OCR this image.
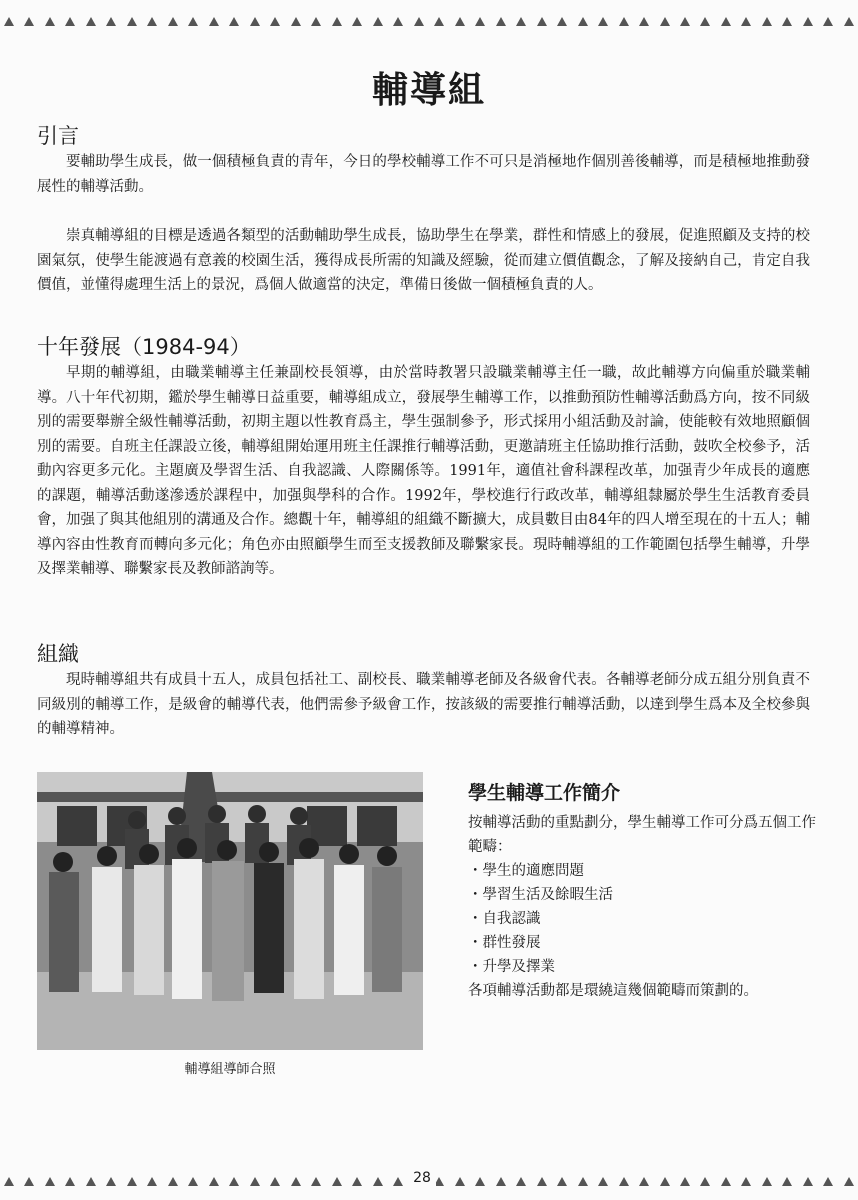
輔導組
引言

要輔助學生成長，做一個積極負責的青年，今日的學校輔導工作不可只是消極地作個別善後輔導，而是積極地推動發展性的輔導活動。

崇真輔導組的目標是透過各類型的活動輔助學生成長，協助學生在學業，群性和情感上的發展，促進照顧及支持的校園氣氛，使學生能渡過有意義的校園生活，獲得成長所需的知識及經驗，從而建立價值觀念，了解及接納自己，肯定自我價值，並懂得處理生活上的景況，爲個人做適當的決定，準備日後做一個積極負責的人。

十年發展（1984-94）

早期的輔導組，由職業輔導主任兼副校長領導，由於當時教署只設職業輔導主任一職，故此輔導方向偏重於職業輔導。八十年代初期，鑑於學生輔導日益重要，輔導組成立，發展學生輔導工作，以推動預防性輔導活動爲方向，按不同級別的需要舉辦全級性輔導活動，初期主題以性教育爲主，學生强制參予，形式採用小組活動及討論，使能較有效地照顧個別的需要。自班主任課設立後，輔導組開始運用班主任課推行輔導活動，更邀請班主任協助推行活動，鼓吹全校參予，活動內容更多元化。主題廣及學習生活、自我認識、人際關係等。1991年，適值社會科課程改革，加强青少年成長的適應的課題，輔導活動遂滲透於課程中，加强與學科的合作。1992年，學校進行行政改革，輔導組隸屬於學生生活教育委員會，加强了與其他組別的溝通及合作。總觀十年，輔導組的組織不斷擴大，成員數目由84年的四人增至現在的十五人；輔導內容由性教育而轉向多元化；角色亦由照顧學生而至支援教師及聯繫家長。現時輔導組的工作範圍包括學生輔導，升學及擇業輔導、聯繫家長及教師諮詢等。

組織

現時輔導組共有成員十五人，成員包括社工、副校長、職業輔導老師及各級會代表。各輔導老師分成五組分別負責不同級別的輔導工作，是級會的輔導代表，他們需參予級會工作，按該級的需要推行輔導活動，以達到學生爲本及全校參與的輔導精神。

輔導組導師合照
學生輔導工作簡介

按輔導活動的重點劃分，學生輔導工作可分爲五個工作範疇：

・ 學生的適應問題
・ 學習生活及餘暇生活
・ 自我認識
・ 群性發展
・ 升學及擇業

各項輔導活動都是環繞這幾個範疇而策劃的。

28
